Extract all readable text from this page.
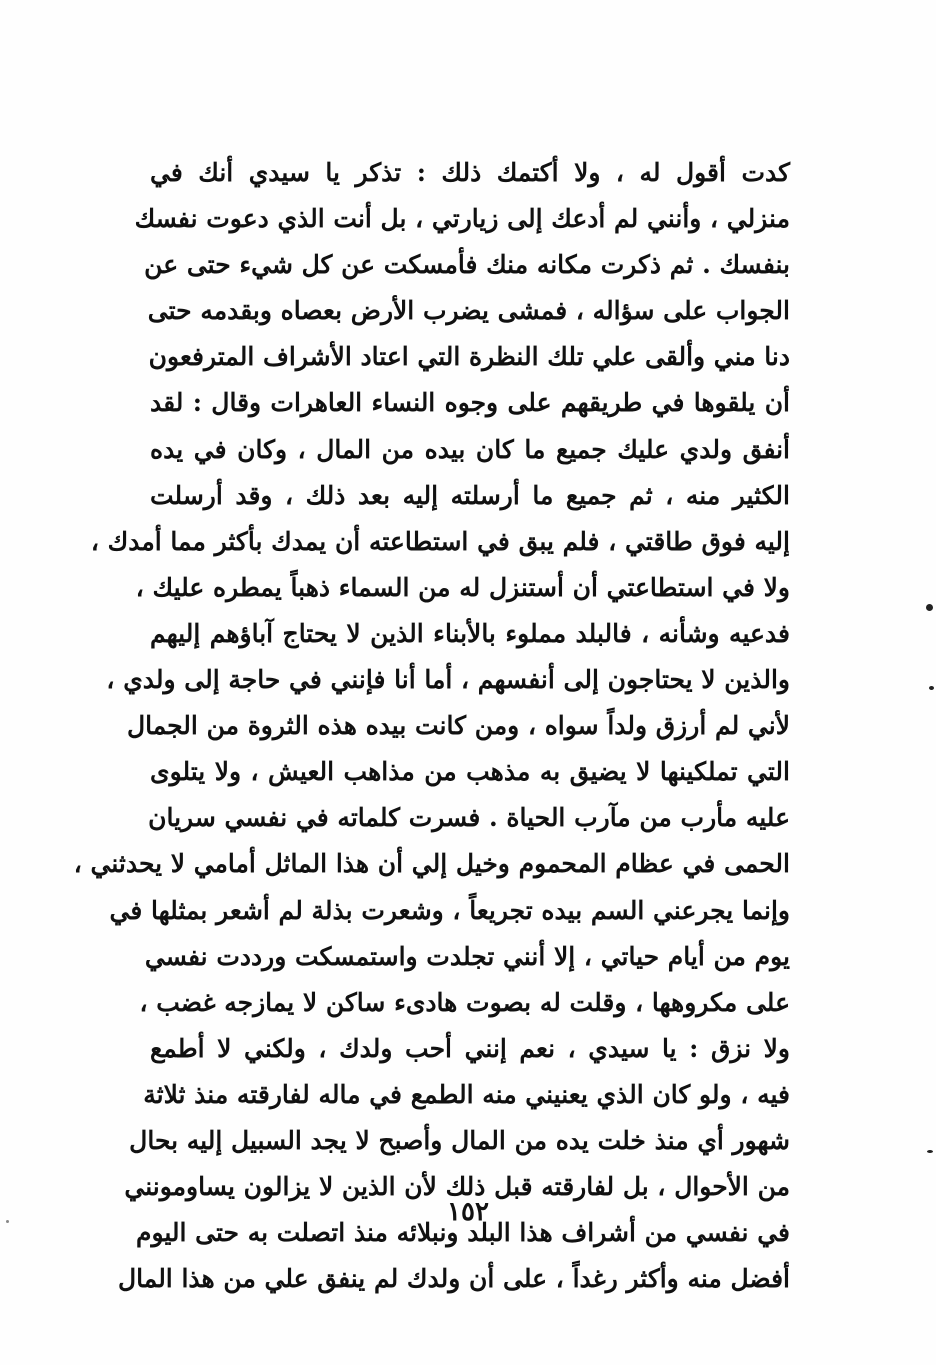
كدت أقول له ، ولا أكتمك ذلك : تذكر يا سيدي أنك في
منزلي ، وأنني لم أدعك إلى زيارتي ، بل أنت الذي دعوت نفسك
بنفسك . ثم ذكرت مكانه منك فأمسكت عن كل شيء حتى عن
الجواب على سؤاله ، فمشى يضرب الأرض بعصاه وبقدمه حتى
دنا مني وألقى علي تلك النظرة التي اعتاد الأشراف المترفعون
أن يلقوها في طريقهم على وجوه النساء العاهرات وقال : لقد
أنفق ولدي عليك جميع ما كان بيده من المال ، وكان في يده
الكثير منه ، ثم جميع ما أرسلته إليه بعد ذلك ، وقد أرسلت
إليه فوق طاقتي ، فلم يبق في استطاعته أن يمدك بأكثر مما أمدك ،
ولا في استطاعتي أن أستنزل له من السماء ذهباً يمطره عليك ،
فدعيه وشأنه ، فالبلد مملوء بالأبناء الذين لا يحتاج آباؤهم إليهم
والذين لا يحتاجون إلى أنفسهم ، أما أنا فإنني في حاجة إلى ولدي ،
لأني لم أرزق ولداً سواه ، ومن كانت بيده هذه الثروة من الجمال
التي تملكينها لا يضيق به مذهب من مذاهب العيش ، ولا يتلوى
عليه مأرب من مآرب الحياة . فسرت كلماته في نفسي سريان
الحمى في عظام المحموم وخيل إلي أن هذا الماثل أمامي لا يحدثني ،
وإنما يجرعني السم بيده تجريعاً ، وشعرت بذلة لم أشعر بمثلها في
يوم من أيام حياتي ، إلا أنني تجلدت واستمسكت ورددت نفسي
على مكروهها ، وقلت له بصوت هادىء ساكن لا يمازجه غضب ،
ولا نزق : يا سيدي ، نعم إنني أحب ولدك ، ولكني لا أطمع
فيه ، ولو كان الذي يعنيني منه الطمع في ماله لفارقته منذ ثلاثة
شهور أي منذ خلت يده من المال وأصبح لا يجد السبيل إليه بحال
من الأحوال ، بل لفارقته قبل ذلك لأن الذين لا يزالون يساومونني
في نفسي من أشراف هذا البلد ونبلائه منذ اتصلت به حتى اليوم
أفضل منه وأكثر رغداً ، على أن ولدك لم ينفق علي من هذا المال
١٥٢
